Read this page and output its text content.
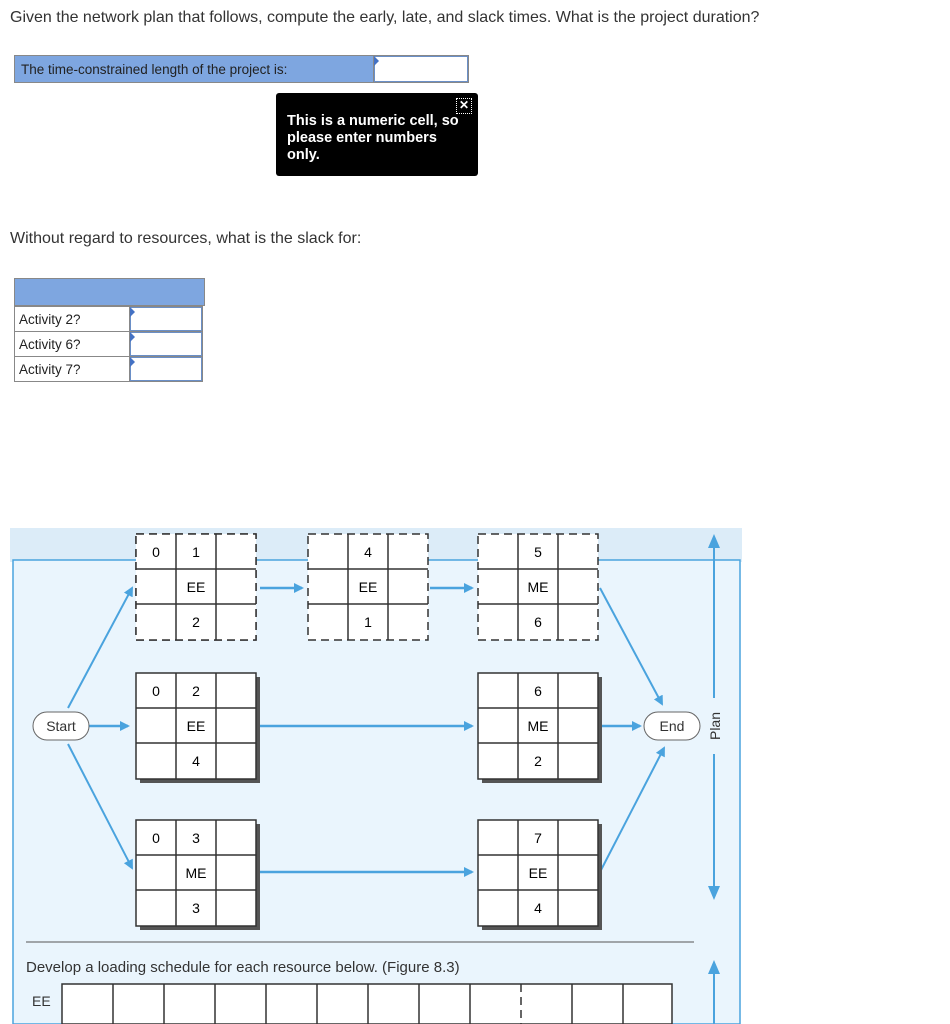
Given the network plan that follows, compute the early, late, and slack times. What is the project duration?
The time-constrained length of the project is:	
✕
This is a numeric cell, so please enter numbers only.
Without regard to resources, what is the slack for:
Activity 2?	

Activity 6?	

Activity 7?	
Plan
Start	End
0 1
EE
2
4
EE
1
5
ME
6
0 2
EE
4
6
ME
2
0 3
ME
3
7
EE
4
Develop a loading schedule for each resource below. (Figure 8.3)
EE
